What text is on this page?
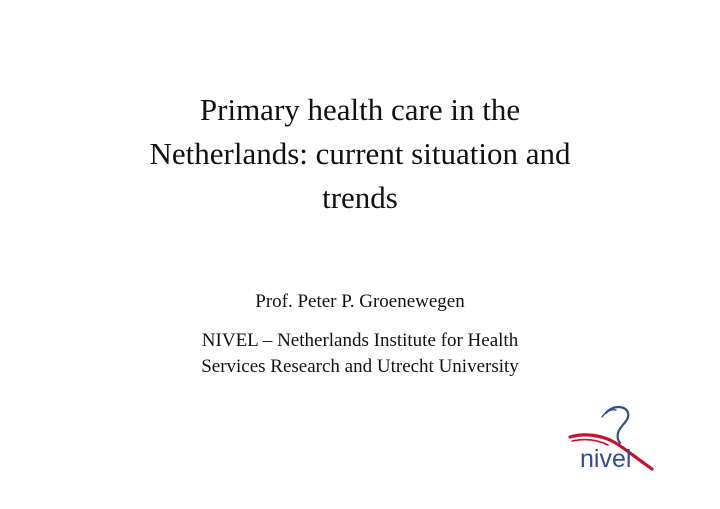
Primary health care in the
Netherlands: current situation and
trends

Prof. Peter P. Groenewegen

NIVEL – Netherlands Institute for Health
Services Research and Utrecht University

nivel
